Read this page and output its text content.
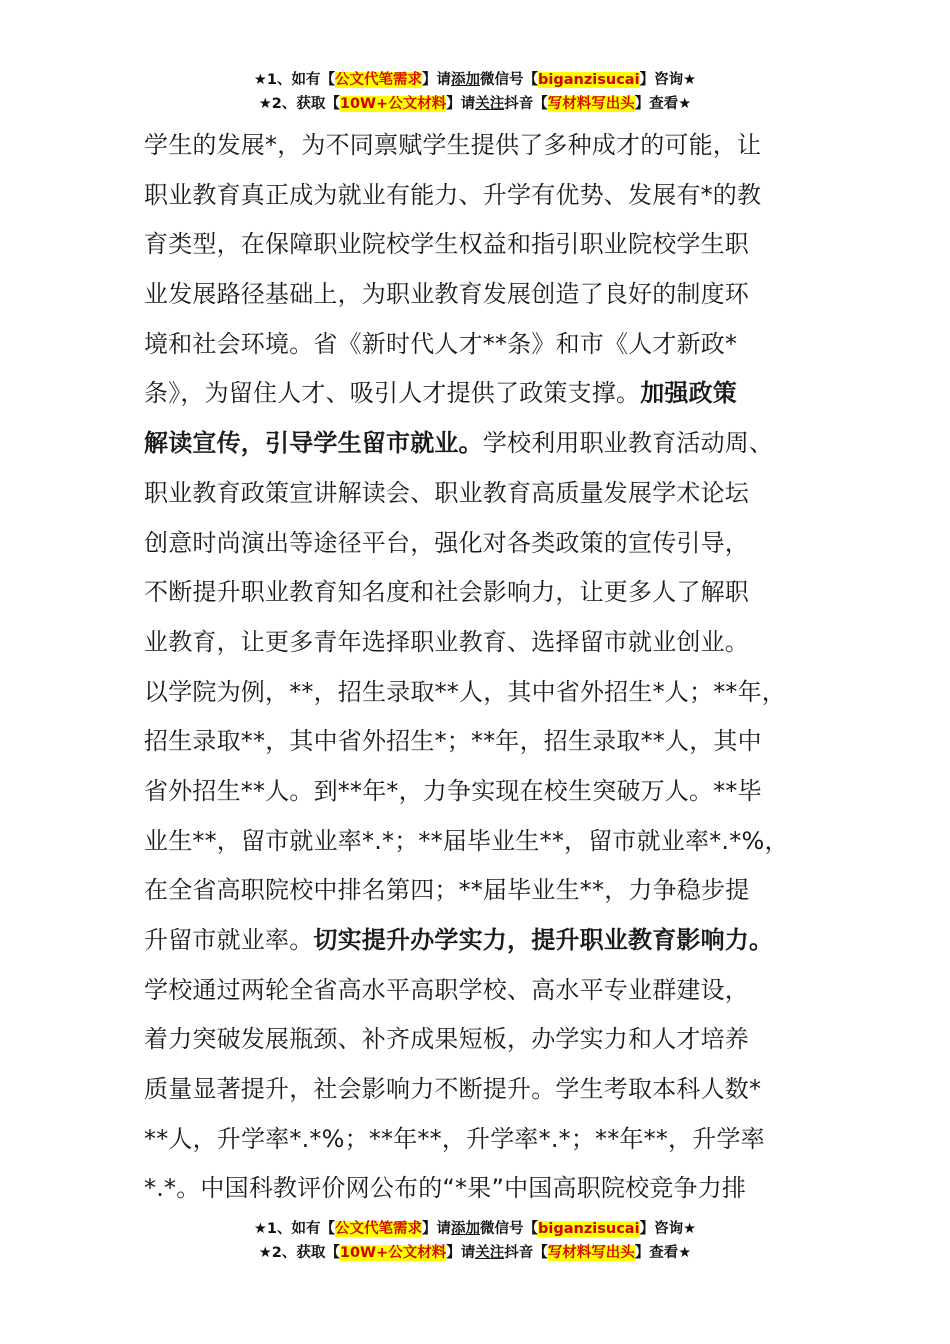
★1、如有【公文代笔需求】请添加微信号【biganzisucai】咨询★
★2、获取【10W+公文材料】请关注抖音【写材料写出头】查看★
学生的发展*，为不同禀赋学生提供了多种成才的可能，让
职业教育真正成为就业有能力、升学有优势、发展有*的教
育类型，在保障职业院校学生权益和指引职业院校学生职
业发展路径基础上，为职业教育发展创造了良好的制度环
境和社会环境。省《新时代人才**条》和市《人才新政*
条》，为留住人才、吸引人才提供了政策支撑。加强政策
解读宣传，引导学生留市就业。学校利用职业教育活动周、
职业教育政策宣讲解读会、职业教育高质量发展学术论坛
创意时尚演出等途径平台，强化对各类政策的宣传引导，
不断提升职业教育知名度和社会影响力，让更多人了解职
业教育，让更多青年选择职业教育、选择留市就业创业。
以学院为例，**，招生录取**人，其中省外招生*人；**年，
招生录取**，其中省外招生*；**年，招生录取**人，其中
省外招生**人。到**年*，力争实现在校生突破万人。**毕
业生**，留市就业率*.*；**届毕业生**，留市就业率*.*%，
在全省高职院校中排名第四；**届毕业生**，力争稳步提
升留市就业率。切实提升办学实力，提升职业教育影响力。
学校通过两轮全省高水平高职学校、高水平专业群建设，
着力突破发展瓶颈、补齐成果短板，办学实力和人才培养
质量显著提升，社会影响力不断提升。学生考取本科人数*
**人，升学率*.*%；**年**，升学率*.*；**年**，升学率
*.*。中国科教评价网公布的“*果”中国高职院校竞争力排
★1、如有【公文代笔需求】请添加微信号【biganzisucai】咨询★
★2、获取【10W+公文材料】请关注抖音【写材料写出头】查看★
